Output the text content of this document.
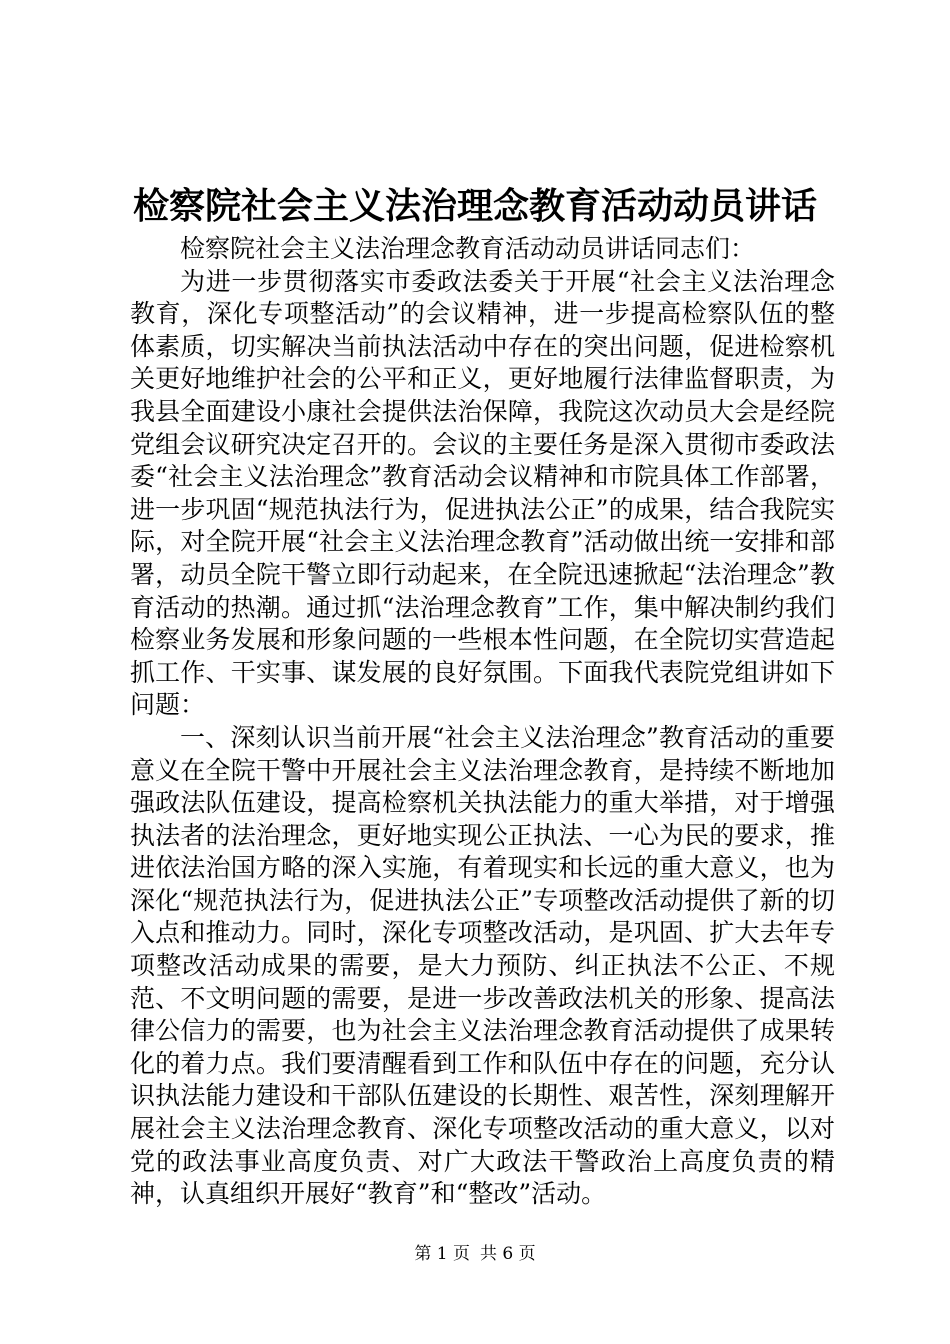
检察院社会主义法治理念教育活动动员讲话

检察院社会主义法治理念教育活动动员讲话同志们：

为进一步贯彻落实市委政法委关于开展“社会主义法治理念教育，深化专项整活动”的会议精神，进一步提高检察队伍的整体素质，切实解决当前执法活动中存在的突出问题，促进检察机关更好地维护社会的公平和正义，更好地履行法律监督职责，为我县全面建设小康社会提供法治保障，我院这次动员大会是经院党组会议研究决定召开的。会议的主要任务是深入贯彻市委政法委“社会主义法治理念”教育活动会议精神和市院具体工作部署，进一步巩固“规范执法行为，促进执法公正”的成果，结合我院实际，对全院开展“社会主义法治理念教育”活动做出统一安排和部署，动员全院干警立即行动起来，在全院迅速掀起“法治理念”教育活动的热潮。通过抓“法治理念教育”工作，集中解决制约我们检察业务发展和形象问题的一些根本性问题，在全院切实营造起抓工作、干实事、谋发展的良好氛围。下面我代表院党组讲如下问题：

一、深刻认识当前开展“社会主义法治理念”教育活动的重要意义在全院干警中开展社会主义法治理念教育，是持续不断地加强政法队伍建设，提高检察机关执法能力的重大举措，对于增强执法者的法治理念，更好地实现公正执法、一心为民的要求，推进依法治国方略的深入实施，有着现实和长远的重大意义，也为深化“规范执法行为，促进执法公正”专项整改活动提供了新的切入点和推动力。同时，深化专项整改活动，是巩固、扩大去年专项整改活动成果的需要，是大力预防、纠正执法不公正、不规范、不文明问题的需要，是进一步改善政法机关的形象、提高法律公信力的需要，也为社会主义法治理念教育活动提供了成果转化的着力点。我们要清醒看到工作和队伍中存在的问题，充分认识执法能力建设和干部队伍建设的长期性、艰苦性，深刻理解开展社会主义法治理念教育、深化专项整改活动的重大意义，以对党的政法事业高度负责、对广大政法干警政治上高度负责的精神，认真组织开展好“教育”和“整改”活动。

第 1 页 共 6 页
